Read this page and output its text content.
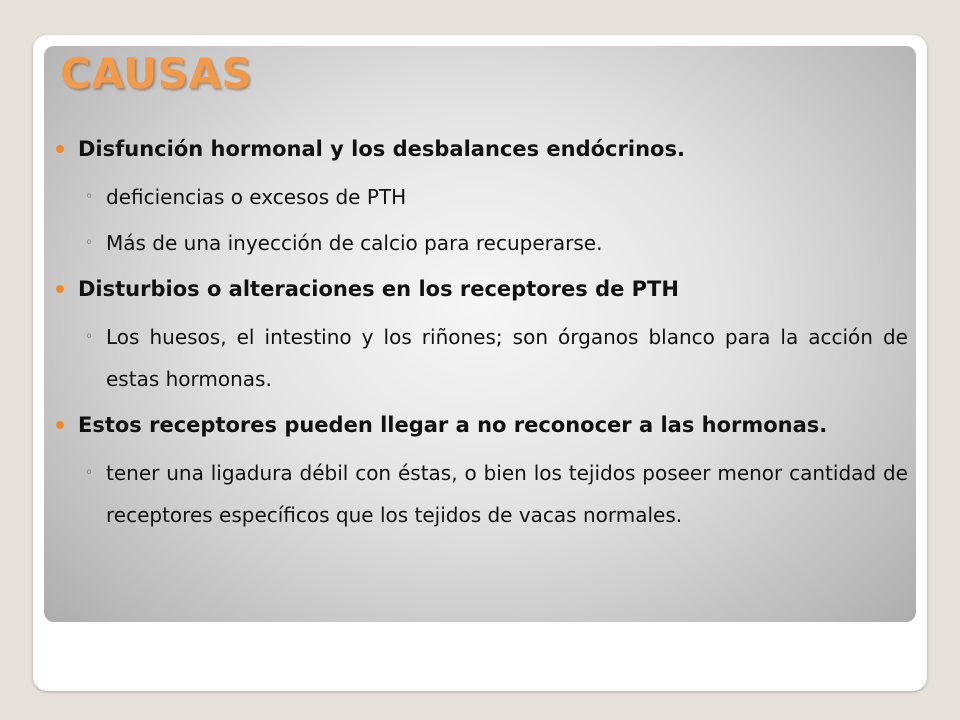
CAUSAS
Disfunción hormonal y los desbalances endócrinos.
◦ deficiencias o excesos de PTH
◦ Más de una inyección de calcio para recuperarse.
Disturbios o alteraciones en los receptores de PTH
◦ Los huesos, el intestino y los riñones; son órganos blanco para la acción de estas hormonas.
Estos receptores pueden llegar a no reconocer a las hormonas.
◦ tener una ligadura débil con éstas, o bien los tejidos poseer menor cantidad de receptores específicos que los tejidos de vacas normales.
